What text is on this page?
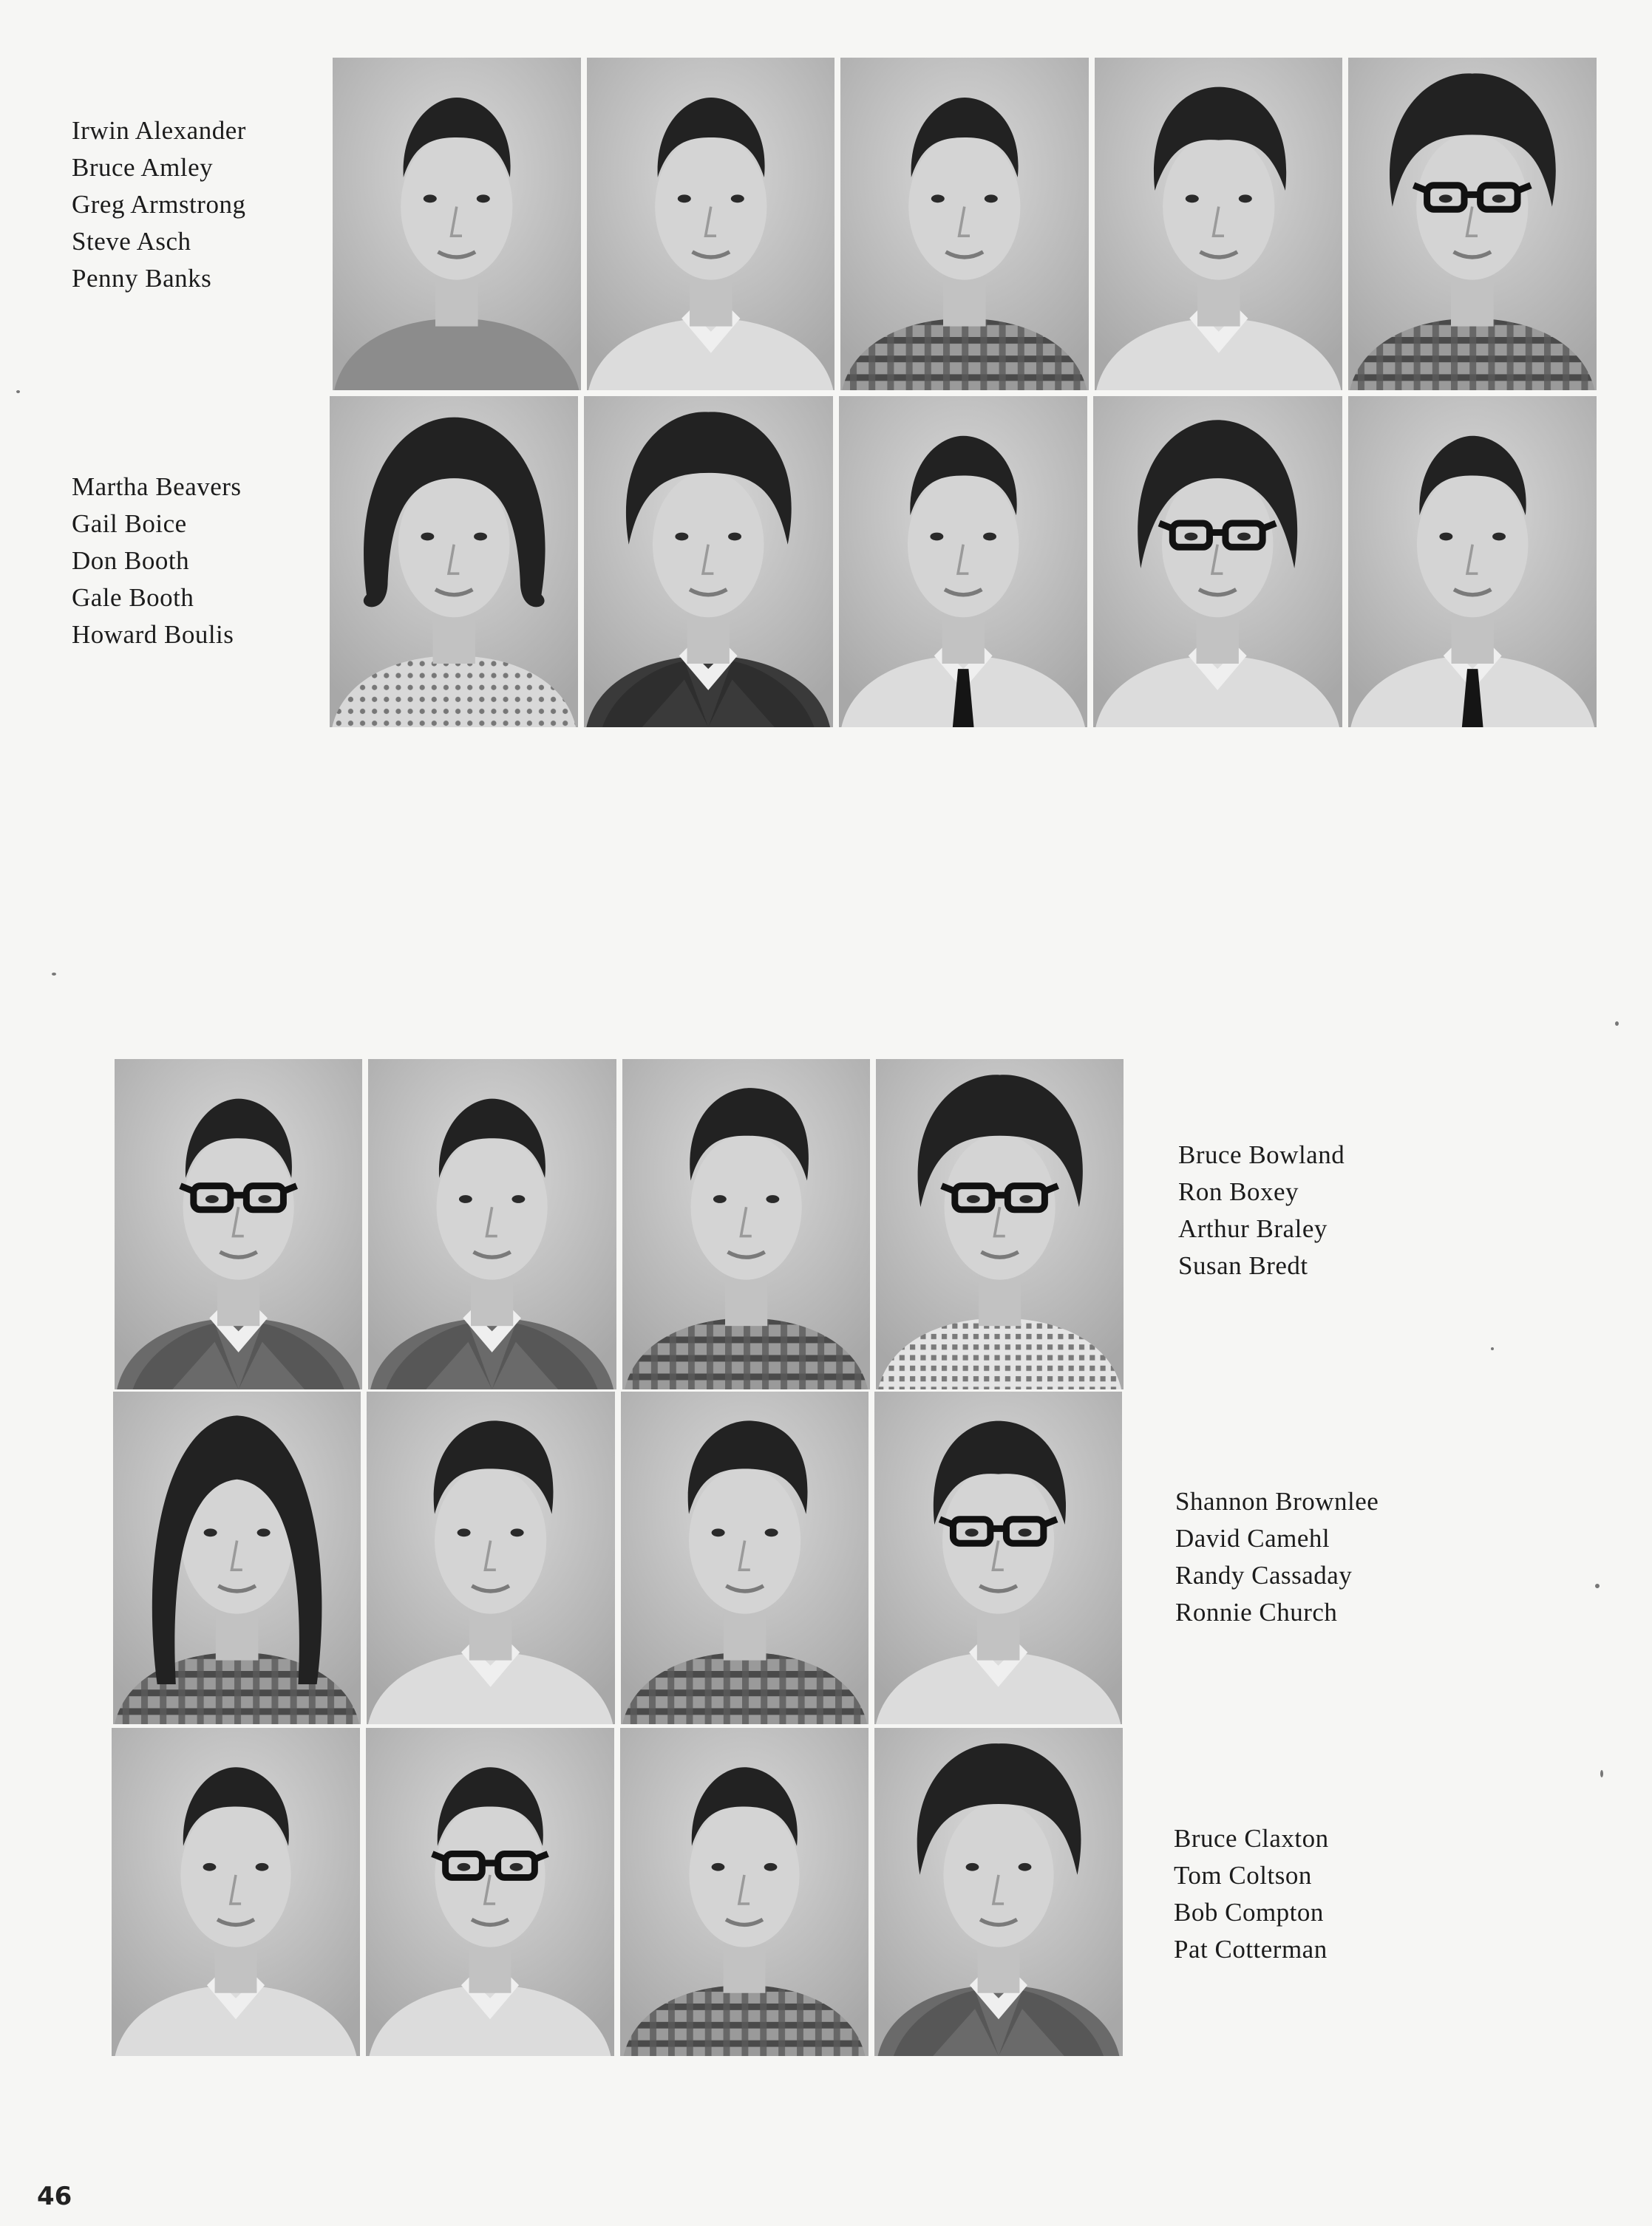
Irwin Alexander
Bruce Amley
Greg Armstrong
Steve Asch
Penny Banks
Martha Beavers
Gail Boice
Don Booth
Gale Booth
Howard Boulis
Bruce Bowland
Ron Boxey
Arthur Braley
Susan Bredt
Shannon Brownlee
David Camehl
Randy Cassaday
Ronnie Church
Bruce Claxton
Tom Coltson
Bob Compton
Pat Cotterman
46
